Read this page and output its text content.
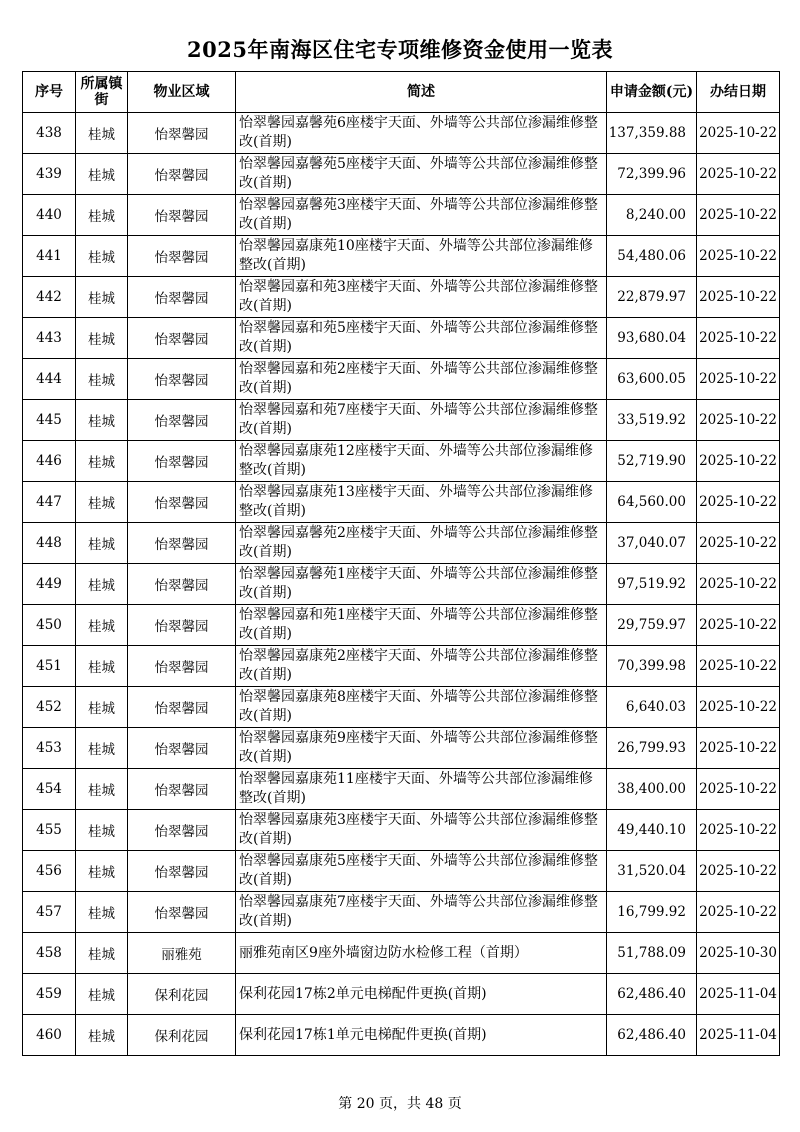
2025年南海区住宅专项维修资金使用一览表
序号	所属镇街	物业区域	简述	申请金额(元)	办结日期
438	桂城	怡翠馨园	怡翠馨园嘉馨苑6座楼宇天面、外墙等公共部位渗漏维修整改(首期)	137,359.88	2025-10-22
439	桂城	怡翠馨园	怡翠馨园嘉馨苑5座楼宇天面、外墙等公共部位渗漏维修整改(首期)	72,399.96	2025-10-22
440	桂城	怡翠馨园	怡翠馨园嘉馨苑3座楼宇天面、外墙等公共部位渗漏维修整改(首期)	8,240.00	2025-10-22
441	桂城	怡翠馨园	怡翠馨园嘉康苑10座楼宇天面、外墙等公共部位渗漏维修整改(首期)	54,480.06	2025-10-22
442	桂城	怡翠馨园	怡翠馨园嘉和苑3座楼宇天面、外墙等公共部位渗漏维修整改(首期)	22,879.97	2025-10-22
443	桂城	怡翠馨园	怡翠馨园嘉和苑5座楼宇天面、外墙等公共部位渗漏维修整改(首期)	93,680.04	2025-10-22
444	桂城	怡翠馨园	怡翠馨园嘉和苑2座楼宇天面、外墙等公共部位渗漏维修整改(首期)	63,600.05	2025-10-22
445	桂城	怡翠馨园	怡翠馨园嘉和苑7座楼宇天面、外墙等公共部位渗漏维修整改(首期)	33,519.92	2025-10-22
446	桂城	怡翠馨园	怡翠馨园嘉康苑12座楼宇天面、外墙等公共部位渗漏维修整改(首期)	52,719.90	2025-10-22
447	桂城	怡翠馨园	怡翠馨园嘉康苑13座楼宇天面、外墙等公共部位渗漏维修整改(首期)	64,560.00	2025-10-22
448	桂城	怡翠馨园	怡翠馨园嘉馨苑2座楼宇天面、外墙等公共部位渗漏维修整改(首期)	37,040.07	2025-10-22
449	桂城	怡翠馨园	怡翠馨园嘉馨苑1座楼宇天面、外墙等公共部位渗漏维修整改(首期)	97,519.92	2025-10-22
450	桂城	怡翠馨园	怡翠馨园嘉和苑1座楼宇天面、外墙等公共部位渗漏维修整改(首期)	29,759.97	2025-10-22
451	桂城	怡翠馨园	怡翠馨园嘉康苑2座楼宇天面、外墙等公共部位渗漏维修整改(首期)	70,399.98	2025-10-22
452	桂城	怡翠馨园	怡翠馨园嘉康苑8座楼宇天面、外墙等公共部位渗漏维修整改(首期)	6,640.03	2025-10-22
453	桂城	怡翠馨园	怡翠馨园嘉康苑9座楼宇天面、外墙等公共部位渗漏维修整改(首期)	26,799.93	2025-10-22
454	桂城	怡翠馨园	怡翠馨园嘉康苑11座楼宇天面、外墙等公共部位渗漏维修整改(首期)	38,400.00	2025-10-22
455	桂城	怡翠馨园	怡翠馨园嘉康苑3座楼宇天面、外墙等公共部位渗漏维修整改(首期)	49,440.10	2025-10-22
456	桂城	怡翠馨园	怡翠馨园嘉康苑5座楼宇天面、外墙等公共部位渗漏维修整改(首期)	31,520.04	2025-10-22
457	桂城	怡翠馨园	怡翠馨园嘉康苑7座楼宇天面、外墙等公共部位渗漏维修整改(首期)	16,799.92	2025-10-22
458	桂城	丽雅苑	丽雅苑南区9座外墙窗边防水检修工程（首期）	51,788.09	2025-10-30
459	桂城	保利花园	保利花园17栋2单元电梯配件更换(首期)	62,486.40	2025-11-04
460	桂城	保利花园	保利花园17栋1单元电梯配件更换(首期)	62,486.40	2025-11-04
第 20 页，共 48 页
